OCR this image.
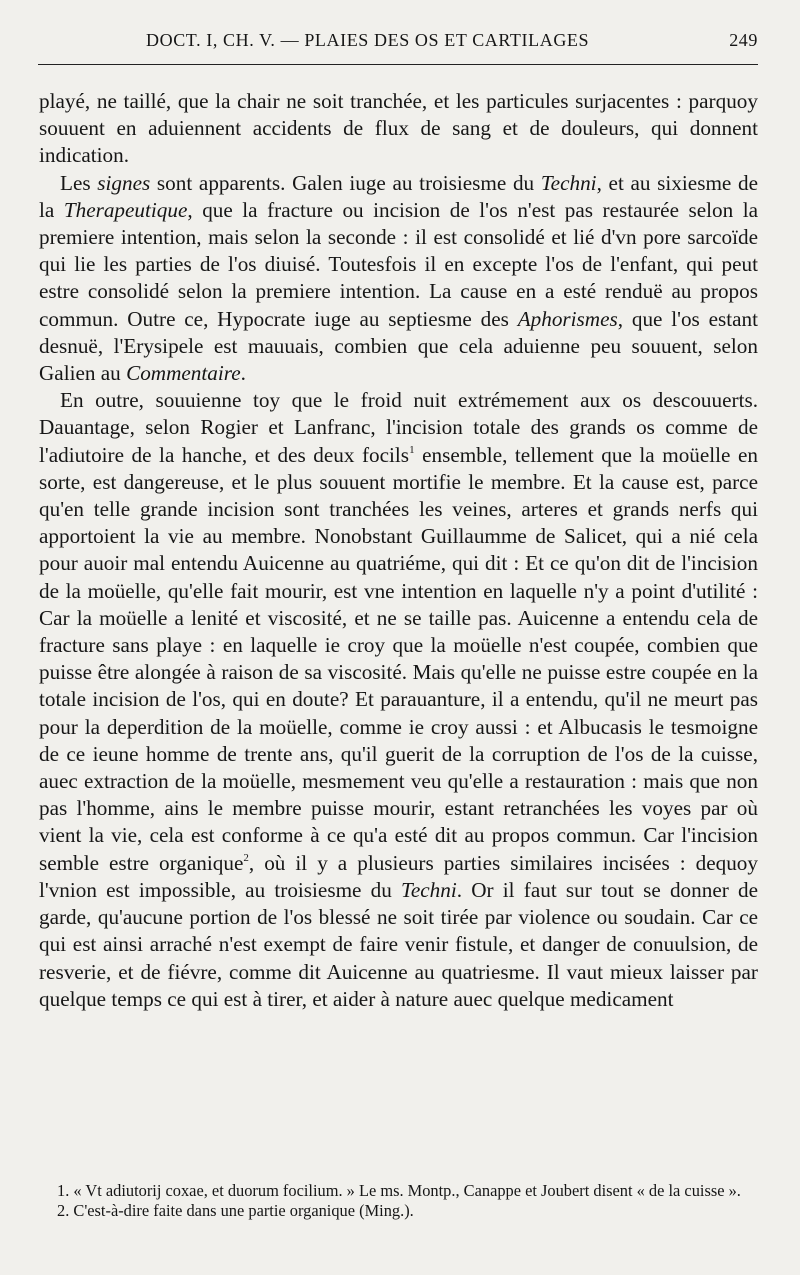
DOCT. I, CH. V. — PLAIES DES OS ET CARTILAGES	249

playé, ne taillé, que la chair ne soit tranchée, et les particules surjacentes : parquoy souuent en aduiennent accidents de flux de sang et de douleurs, qui donnent indication.

Les signes sont apparents. Galen iuge au troisiesme du Techni, et au sixiesme de la Therapeutique, que la fracture ou incision de l'os n'est pas restaurée selon la premiere intention, mais selon la seconde : il est consolidé et lié d'vn pore sarcoïde qui lie les parties de l'os diuisé. Toutesfois il en excepte l'os de l'enfant, qui peut estre consolidé selon la premiere intention. La cause en a esté renduë au propos commun. Outre ce, Hypocrate iuge au septiesme des Aphorismes, que l'os estant desnuë, l'Erysipele est mauuais, combien que cela aduienne peu souuent, selon Galien au Commentaire.

En outre, souuienne toy que le froid nuit extrémement aux os descouuerts. Dauantage, selon Rogier et Lanfranc, l'incision totale des grands os comme de l'adiutoire de la hanche, et des deux focils$^1$ ensemble, tellement que la moüelle en sorte, est dangereuse, et le plus souuent mortifie le membre. Et la cause est, parce qu'en telle grande incision sont tranchées les veines, arteres et grands nerfs qui apportoient la vie au membre. Nonobstant Guillaumme de Salicet, qui a nié cela pour auoir mal entendu Auicenne au quatriéme, qui dit : Et ce qu'on dit de l'incision de la moüelle, qu'elle fait mourir, est vne intention en laquelle n'y a point d'utilité : Car la moüelle a lenité et viscosité, et ne se taille pas. Auicenne a entendu cela de fracture sans playe : en laquelle ie croy que la moüelle n'est coupée, combien que puisse être alongée à raison de sa viscosité. Mais qu'elle ne puisse estre coupée en la totale incision de l'os, qui en doute? Et parauanture, il a entendu, qu'il ne meurt pas pour la deperdition de la moüelle, comme ie croy aussi : et Albucasis le tesmoigne de ce ieune homme de trente ans, qu'il guerit de la corruption de l'os de la cuisse, auec extraction de la moüelle, mesmement veu qu'elle a restauration : mais que non pas l'homme, ains le membre puisse mourir, estant retranchées les voyes par où vient la vie, cela est conforme à ce qu'a esté dit au propos commun. Car l'incision semble estre organique$^2$, où il y a plusieurs parties similaires incisées : dequoy l'vnion est impossible, au troisiesme du Techni. Or il faut sur tout se donner de garde, qu'aucune portion de l'os blessé ne soit tirée par violence ou soudain. Car ce qui est ainsi arraché n'est exempt de faire venir fistule, et danger de conuulsion, de resverie, et de fiévre, comme dit Auicenne au quatriesme. Il vaut mieux laisser par quelque temps ce qui est à tirer, et aider à nature auec quelque medicament

1. « Vt adiutorij coxae, et duorum focilium. » Le ms. Montp., Canappe et Joubert disent « de la cuisse ».

2. C'est-à-dire faite dans une partie organique (Ming.).
